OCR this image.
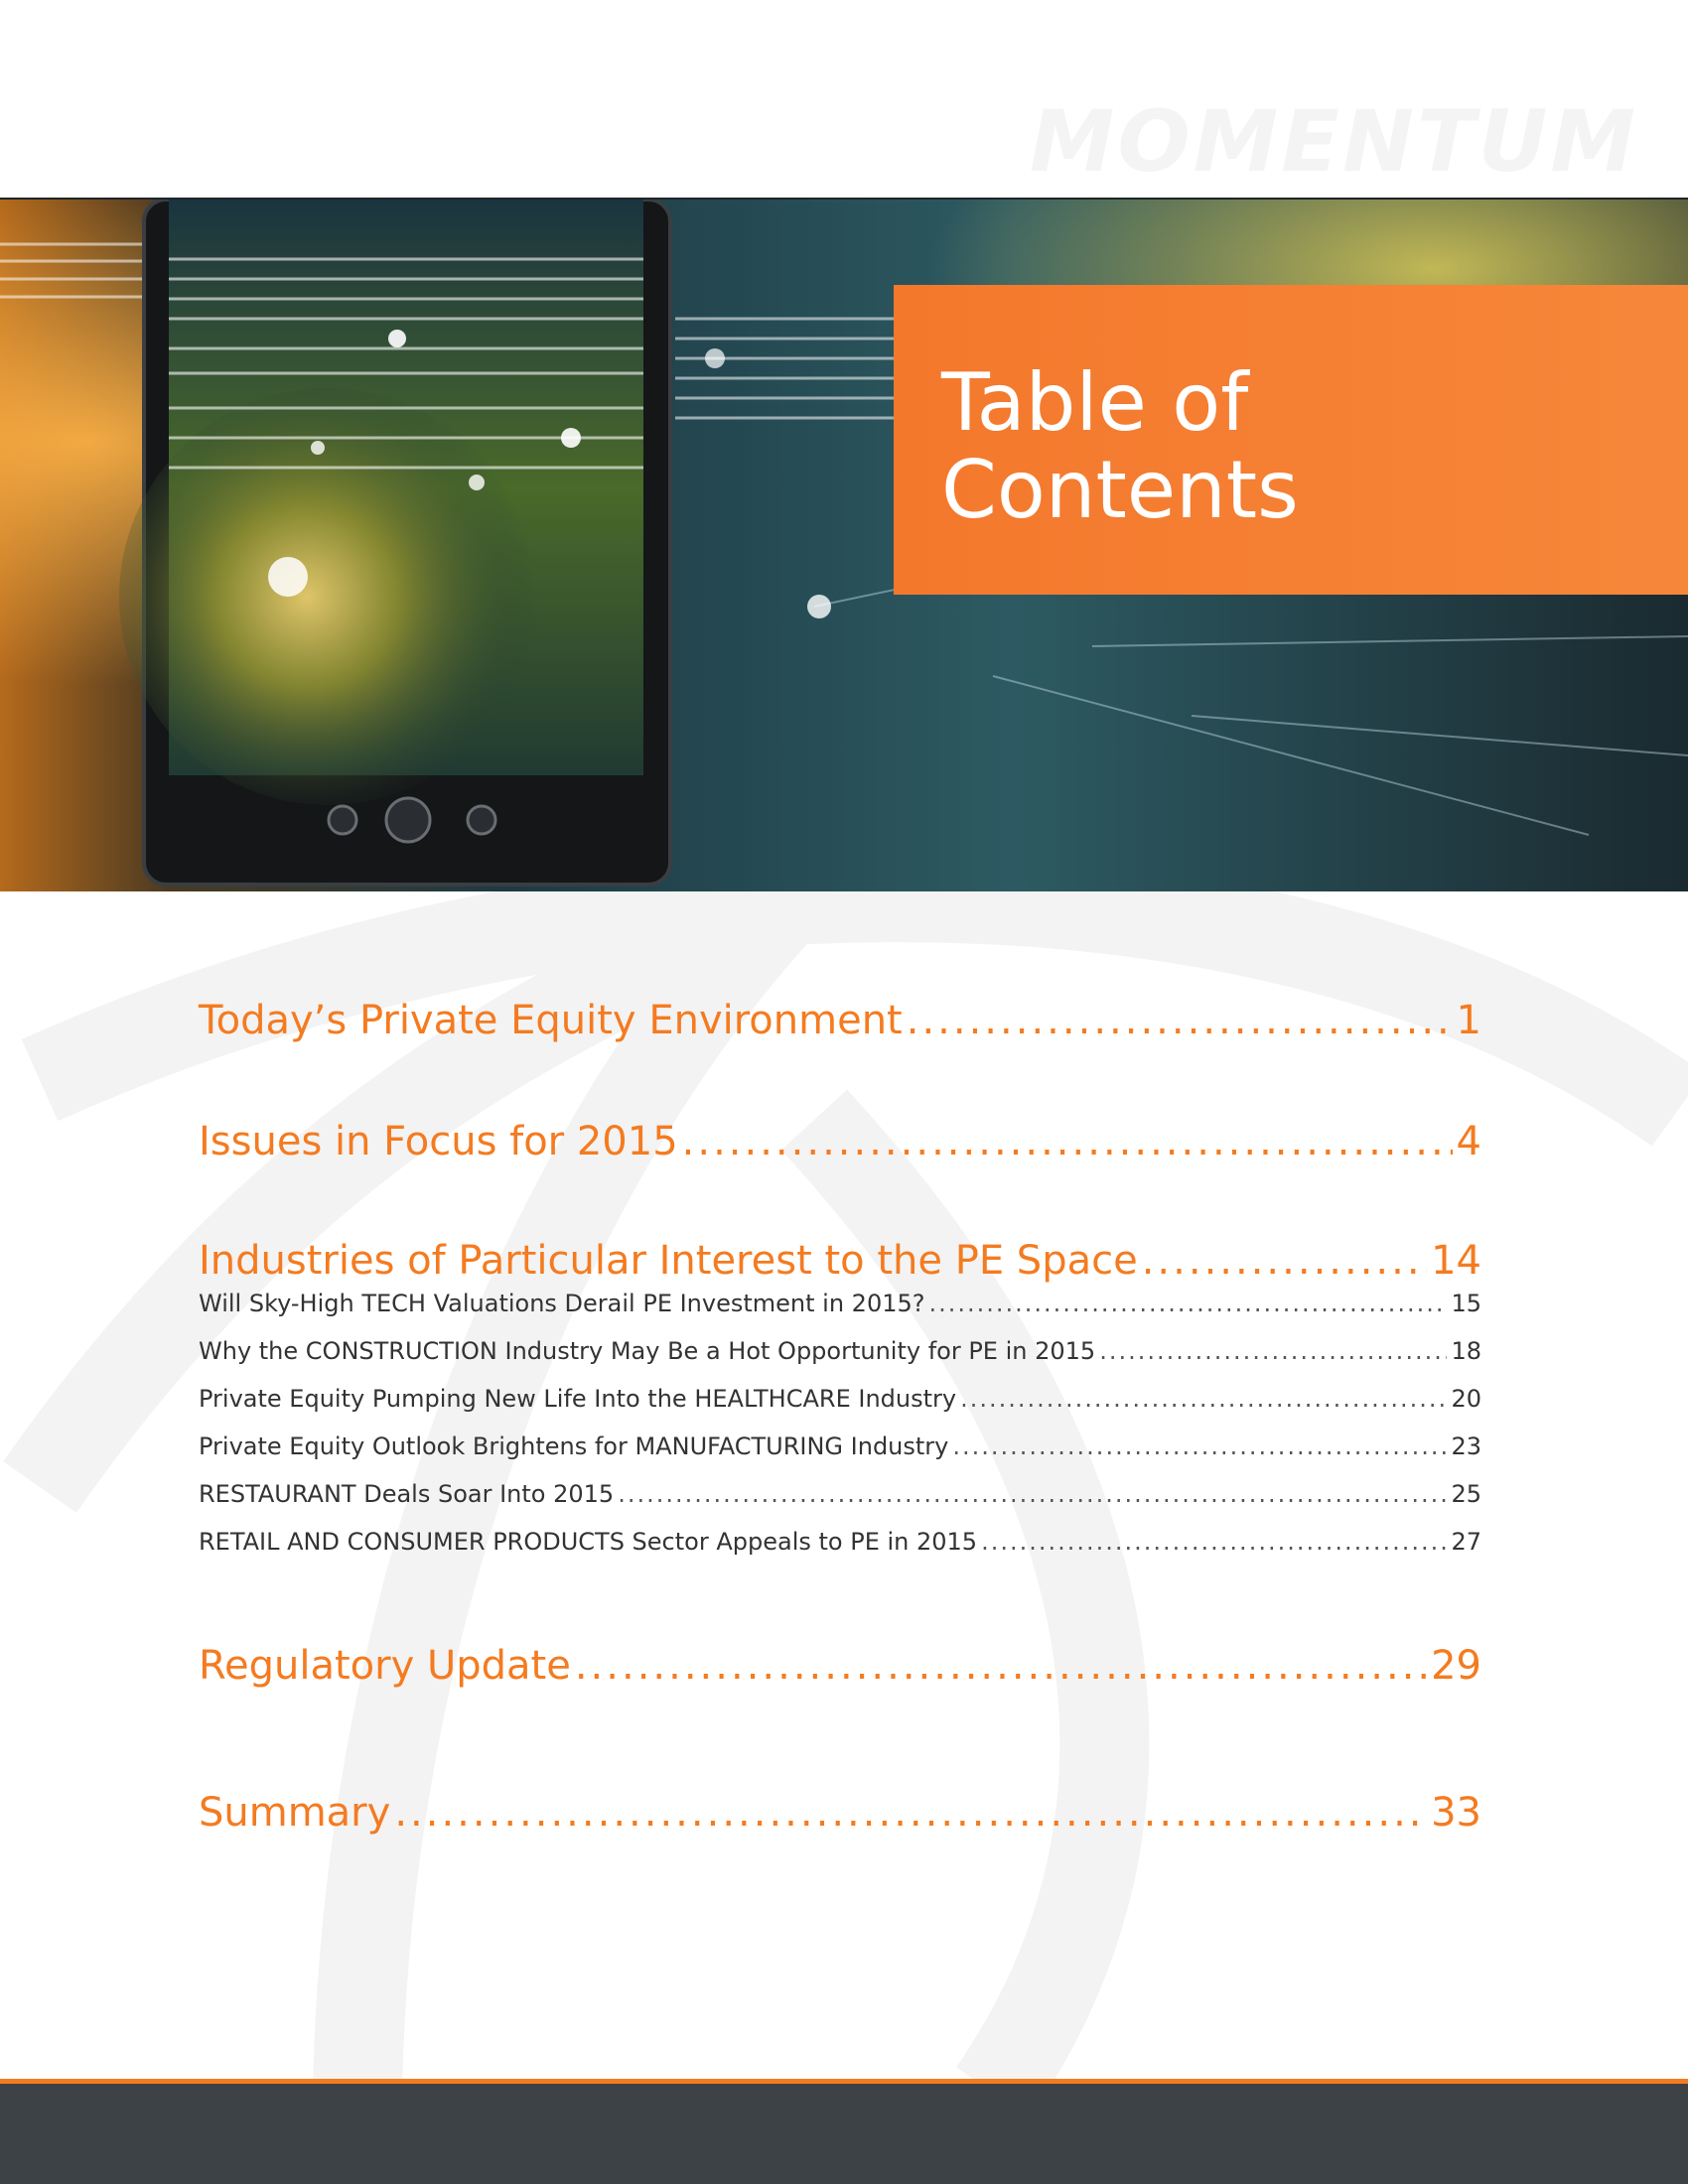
MOMENTUM
Table of
Contents
Today’s Private Equity Environment .....	1
Issues in Focus for 2015 .....	4
Industries of Particular Interest to the PE Space .....	14
Will Sky-High TECH Valuations Derail PE Investment in 2015? .....	15
Why the CONSTRUCTION Industry May Be a Hot Opportunity for PE in 2015 .....	18
Private Equity Pumping New Life Into the HEALTHCARE Industry .....	20
Private Equity Outlook Brightens for MANUFACTURING Industry .....	23
RESTAURANT Deals Soar Into 2015 .....	25
RETAIL AND CONSUMER PRODUCTS Sector Appeals to PE in 2015 .....	27
Regulatory Update .....	29
Summary .....	33
